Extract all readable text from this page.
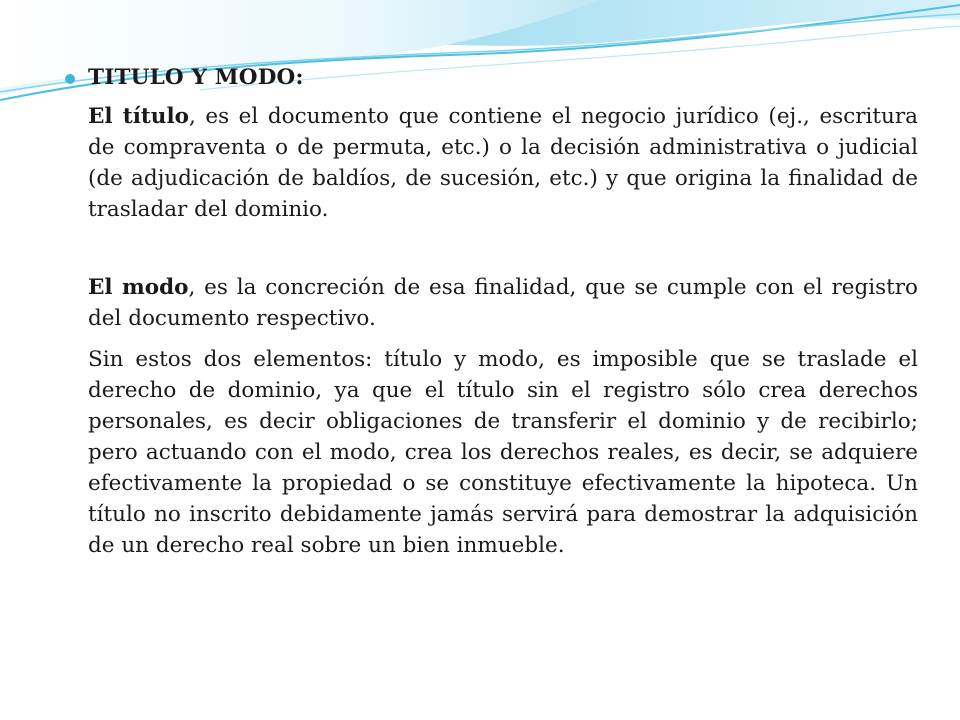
TITULO Y MODO:

El título, es el documento que contiene el negocio jurídico (ej., escritura de compraventa o de permuta, etc.) o la decisión administrativa o judicial (de adjudicación de baldíos, de sucesión, etc.) y que origina la finalidad de trasladar del dominio.

El modo, es la concreción de esa finalidad, que se cumple con el registro del documento respectivo.

Sin estos dos elementos: título y modo, es imposible que se traslade el derecho de dominio, ya que el título sin el registro sólo crea derechos personales, es decir obligaciones de transferir el dominio y de recibirlo; pero actuando con el modo, crea los derechos reales, es decir, se adquiere efectivamente la propiedad o se constituye efectivamente la hipoteca. Un título no inscrito debidamente jamás servirá para demostrar la adquisición de un derecho real sobre un bien inmueble.
